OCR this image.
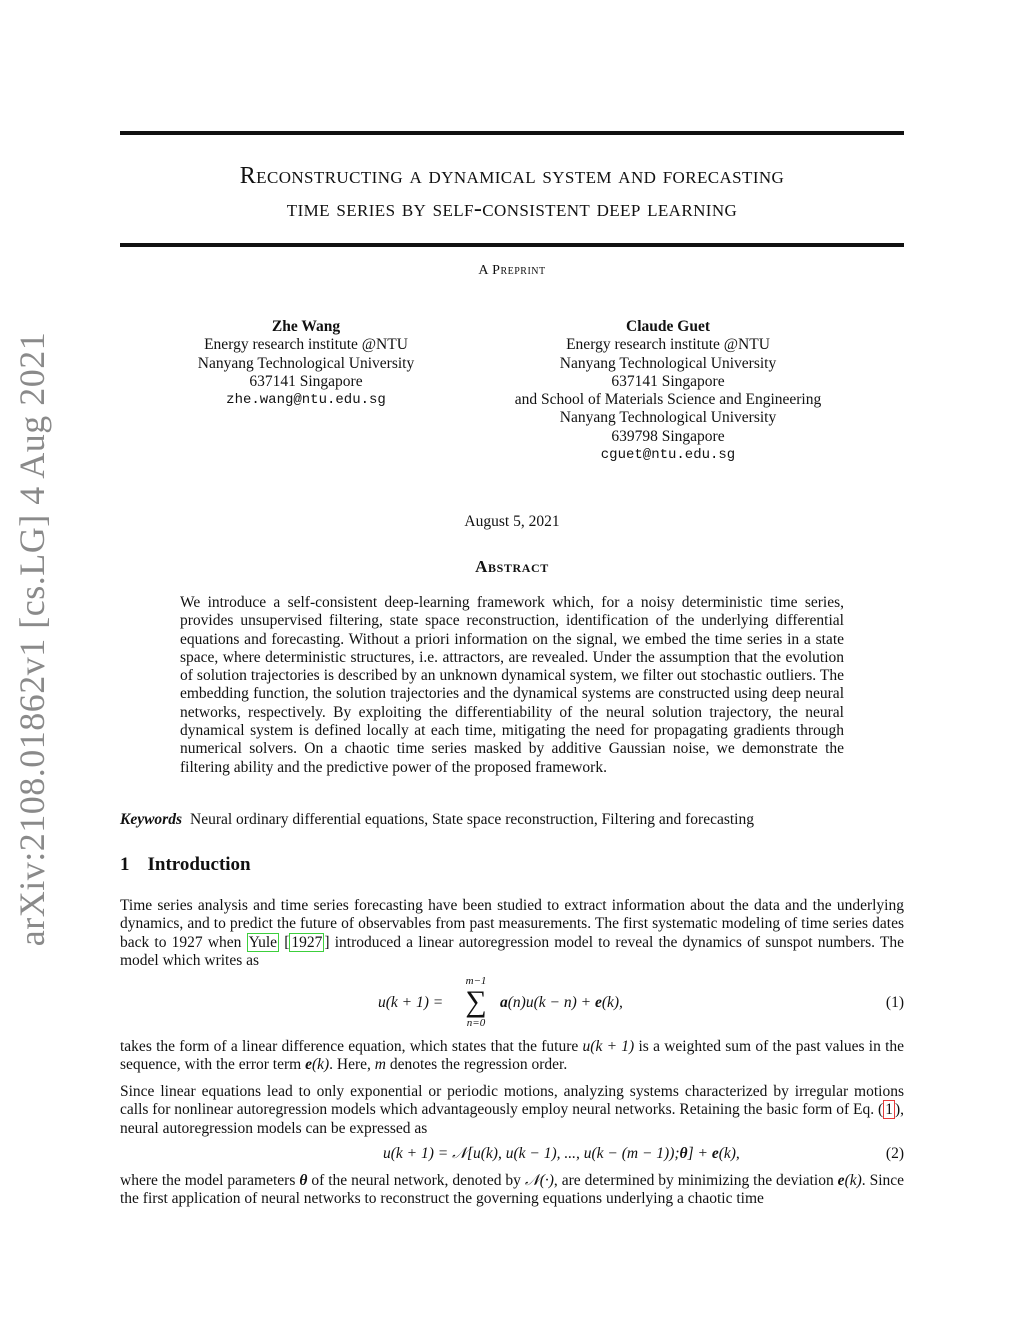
arXiv:2108.01862v1 [cs.LG] 4 Aug 2021
Reconstructing a dynamical system and forecasting
time series by self-consistent deep learning
A Preprint
Zhe Wang
Energy research institute @NTU
Nanyang Technological University
637141 Singapore
zhe.wang@ntu.edu.sg
Claude Guet
Energy research institute @NTU
Nanyang Technological University
637141 Singapore
and School of Materials Science and Engineering
Nanyang Technological University
639798 Singapore
cguet@ntu.edu.sg
August 5, 2021
Abstract

We introduce a self-consistent deep-learning framework which, for a noisy deterministic time series, provides unsupervised filtering, state space reconstruction, identification of the underlying differential equations and forecasting. Without a priori information on the signal, we embed the time series in a state space, where deterministic structures, i.e. attractors, are revealed. Under the assumption that the evolution of solution trajectories is described by an unknown dynamical system, we filter out stochastic outliers. The embedding function, the solution trajectories and the dynamical systems are constructed using deep neural networks, respectively. By exploiting the differentiability of the neural solution trajectory, the neural dynamical system is defined locally at each time, mitigating the need for propagating gradients through numerical solvers. On a chaotic time series masked by additive Gaussian noise, we demonstrate the filtering ability and the predictive power of the proposed framework.

Keywords Neural ordinary differential equations, State space reconstruction, Filtering and forecasting
1 Introduction

Time series analysis and time series forecasting have been studied to extract information about the data and the underlying dynamics, and to predict the future of observables from past measurements. The first systematic modeling of time series dates back to 1927 when Yule [ 1927 ] introduced a linear autoregression model to reveal the dynamics of sunspot numbers. The model which writes as

u(k + 1) =
m−1
∑
n=0
a(n)u(k − n) + e(k),	(1)

takes the form of a linear difference equation, which states that the future u(k + 1) is a weighted sum of the past values in the sequence, with the error term e(k). Here, m denotes the regression order.

Since linear equations lead to only exponential or periodic motions, analyzing systems characterized by irregular motions calls for nonlinear autoregression models which advantageously employ neural networks. Retaining the basic form of Eq. ( 1 ), neural autoregression models can be expressed as

u(k + 1) = 𝒩[u(k), u(k − 1), ..., u(k − (m − 1));θ] + e(k),	(2)

where the model parameters θ of the neural network, denoted by 𝒩(·), are determined by minimizing the deviation e(k). Since the first application of neural networks to reconstruct the governing equations underlying a chaotic time
